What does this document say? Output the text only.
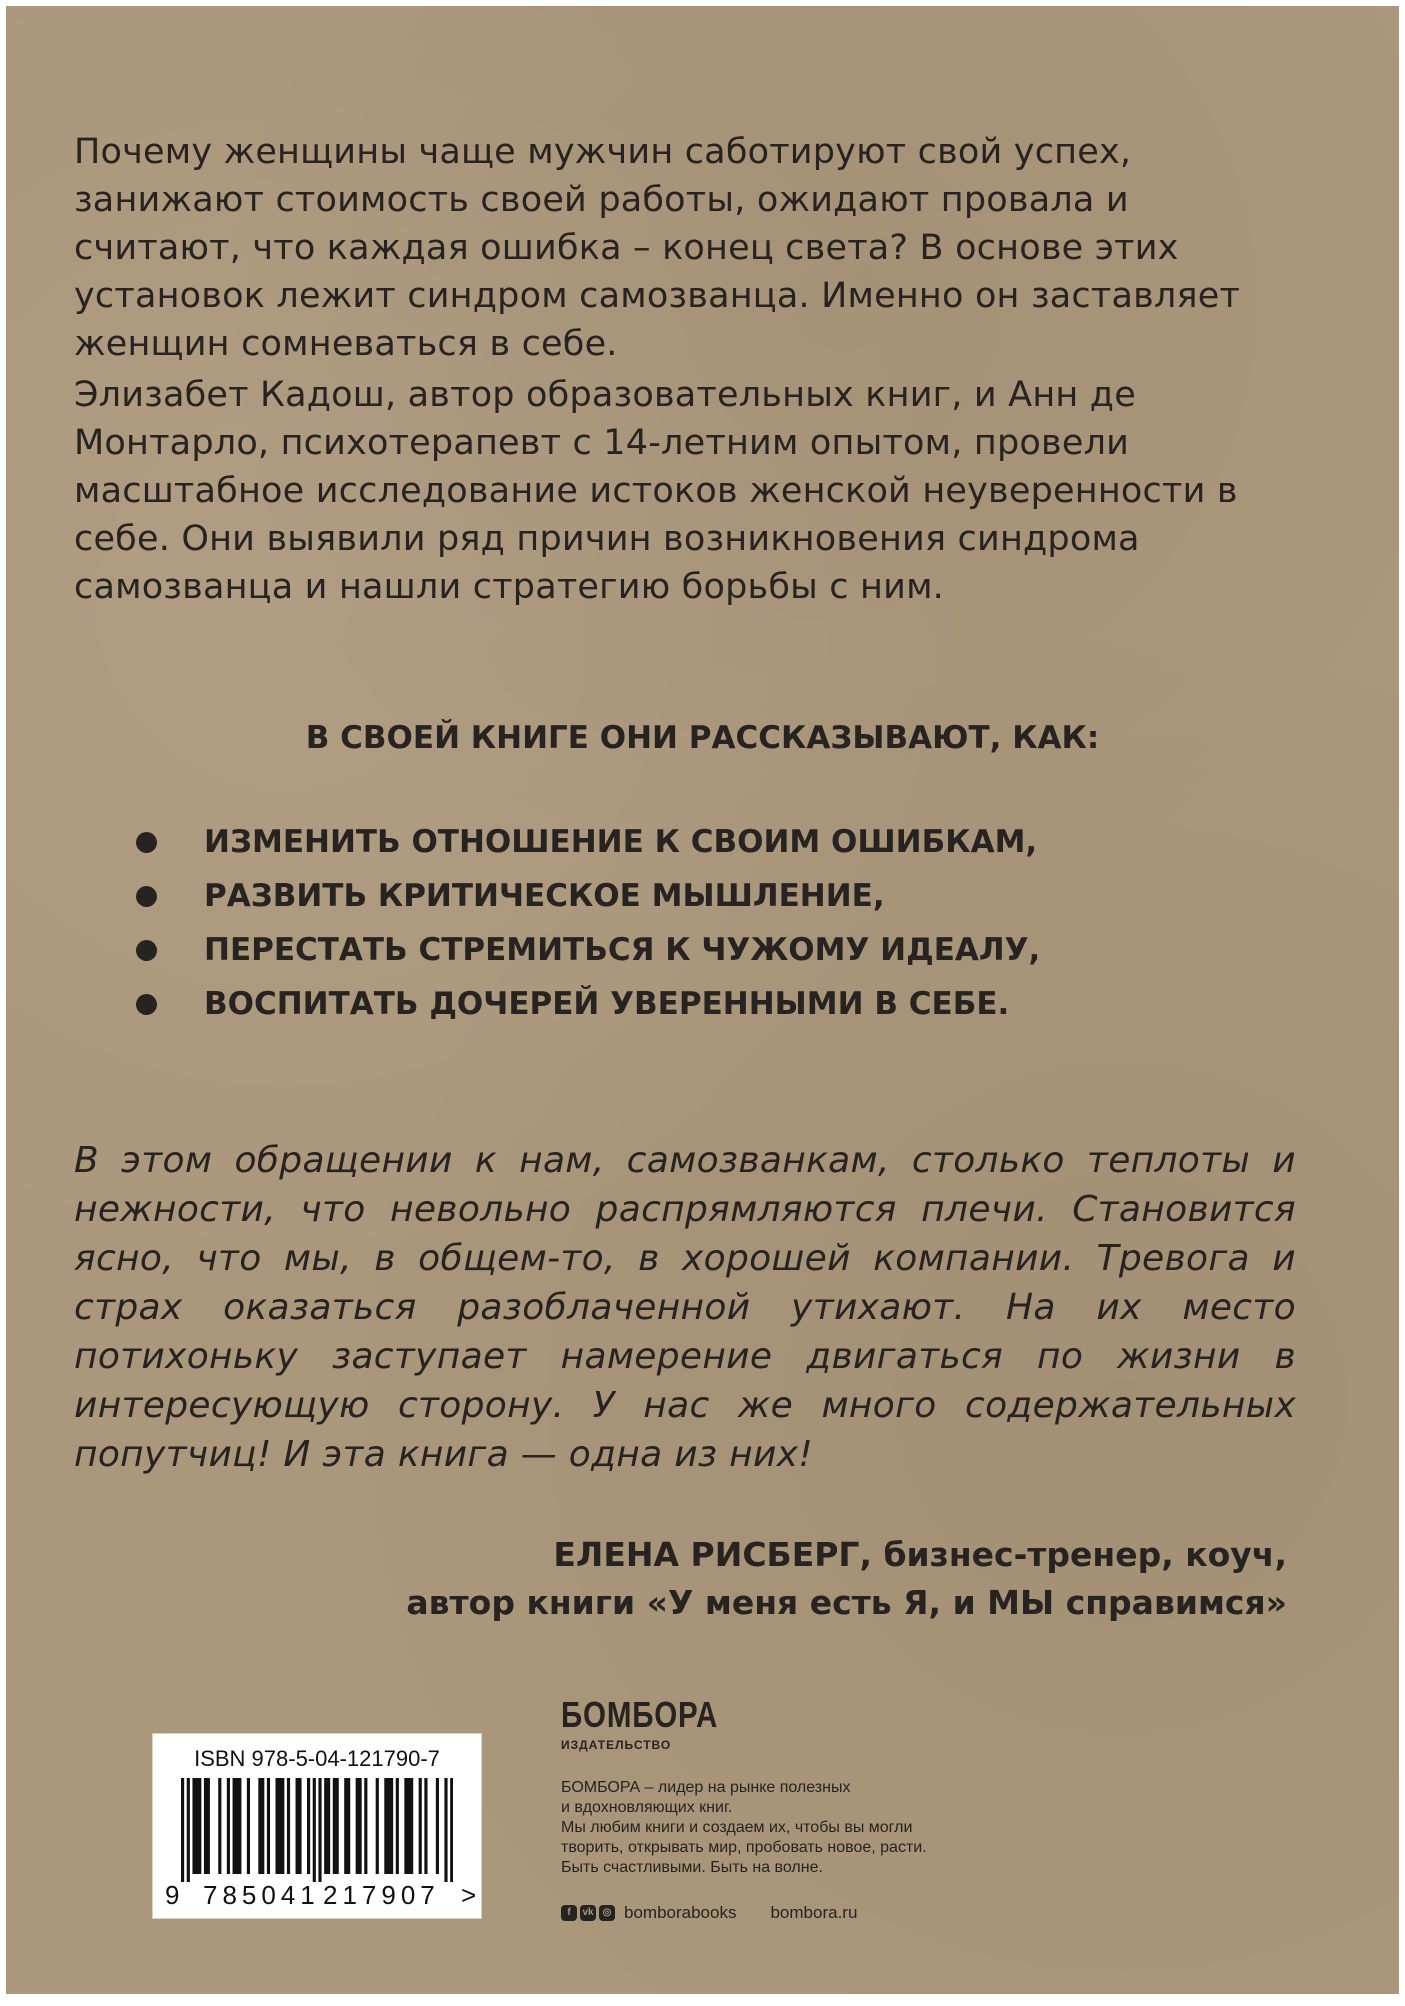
Почему женщины чаще мужчин саботируют свой успех, занижают стоимость своей работы, ожидают провала и считают, что каждая ошибка – конец света? В основе этих установок лежит синдром самозванца. Именно он заставляет женщин сомневаться в себе.

Элизабет Кадош, автор образовательных книг, и Анн де Монтарло, психотерапевт с 14-летним опытом, провели масштабное исследование истоков женской неуверенности в себе. Они выявили ряд причин возникновения синдрома самозванца и нашли стратегию борьбы с ним.

В СВОЕЙ КНИГЕ ОНИ РАССКАЗЫВАЮТ, КАК:

ИЗМЕНИТЬ ОТНОШЕНИЕ К СВОИМ ОШИБКАМ,
РАЗВИТЬ КРИТИЧЕСКОЕ МЫШЛЕНИЕ,
ПЕРЕСТАТЬ СТРЕМИТЬСЯ К ЧУЖОМУ ИДЕАЛУ,
ВОСПИТАТЬ ДОЧЕРЕЙ УВЕРЕННЫМИ В СЕБЕ.

В этом обращении к нам, самозванкам, столько теплоты и нежности, что невольно распрямляются плечи. Становится ясно, что мы, в общем-то, в хорошей компании. Тревога и страх оказаться разоблаченной утихают. На их место потихоньку заступает намерение двигаться по жизни в интересующую сторону. У нас же много содержательных попутчиц! И эта книга — одна из них!

ЕЛЕНА РИСБЕРГ, бизнес-тренер, коуч,
автор книги «У меня есть Я, и МЫ справимся»
ISBN 978-5-04-121790-7
9 785041 217907 >
БОМБОРА
ИЗДАТЕЛЬСТВО
БОМБОРА – лидер на рынке полезных
и вдохновляющих книг.
Мы любим книги и создаем их, чтобы вы могли
творить, открывать мир, пробовать новое, расти.
Быть счастливыми. Быть на волне.
f	vk ◎ bomborabooks bombora.ru
